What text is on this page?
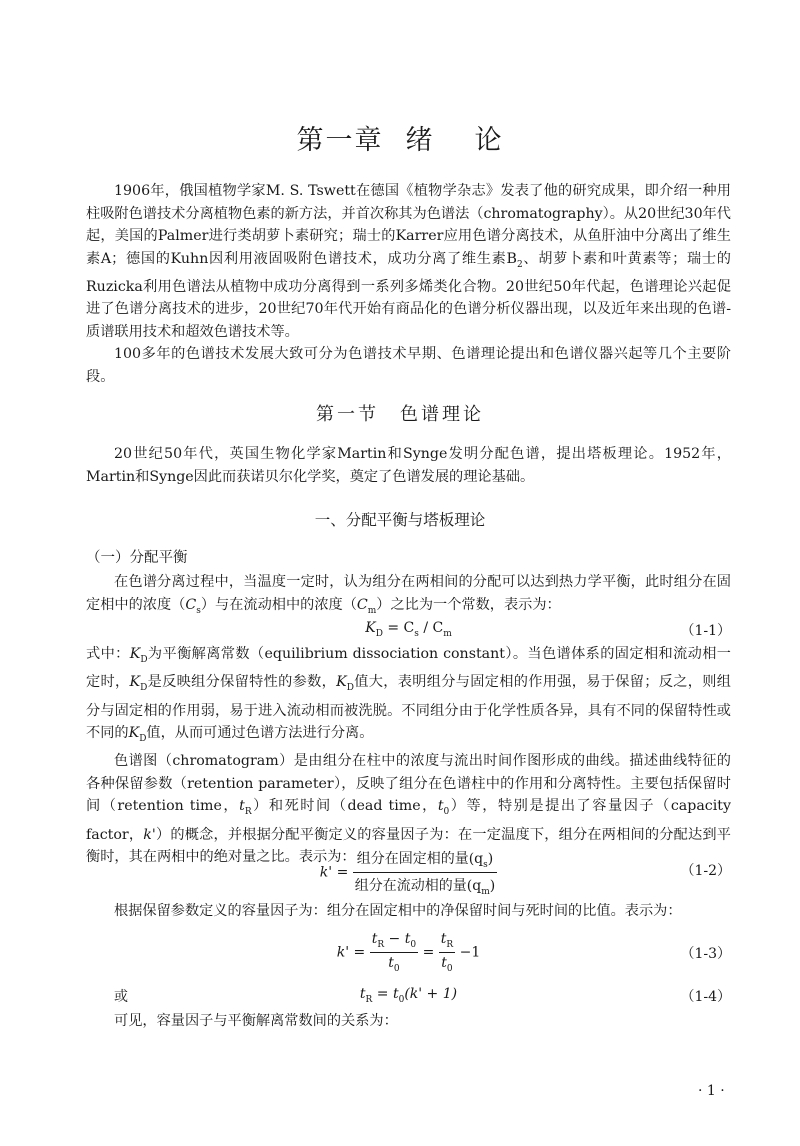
第一章 绪 论

1906年，俄国植物学家M. S. Tswett在德国《植物学杂志》发表了他的研究成果，即介绍一种用柱吸附色谱技术分离植物色素的新方法，并首次称其为色谱法（chromatography）。从20世纪30年代起，美国的Palmer进行类胡萝卜素研究；瑞士的Karrer应用色谱分离技术，从鱼肝油中分离出了维生素A；德国的Kuhn因利用液固吸附色谱技术，成功分离了维生素$B_2$、胡萝卜素和叶黄素等；瑞士的Ruzicka利用色谱法从植物中成功分离得到一系列多烯类化合物。20世纪50年代起，色谱理论兴起促进了色谱分离技术的进步，20世纪70年代开始有商品化的色谱分析仪器出现，以及近年来出现的色谱-质谱联用技术和超效色谱技术等。

100多年的色谱技术发展大致可分为色谱技术早期、色谱理论提出和色谱仪器兴起等几个主要阶段。

第一节　色谱理论

20世纪50年代，英国生物化学家Martin和Synge发明分配色谱，提出塔板理论。1952年，Martin和Synge因此而获诺贝尔化学奖，奠定了色谱发展的理论基础。

一、分配平衡与塔板理论
（一）分配平衡

在色谱分离过程中，当温度一定时，认为组分在两相间的分配可以达到热力学平衡，此时组分在固定相中的浓度$(C_s)$与在流动相中的浓度$(C_m)$之比为一个常数，表示为：

$K_D = C_s / C_m$	（1-1）

式中：$K_D$为平衡解离常数（equilibrium dissociation constant）。当色谱体系的固定相和流动相一定时，$K_D$是反映组分保留特性的参数，$K_D$值大，表明组分与固定相的作用强，易于保留；反之，则组分与固定相的作用弱，易于进入流动相而被洗脱。不同组分由于化学性质各异，具有不同的保留特性或不同的$K_D$值，从而可通过色谱方法进行分离。

色谱图（chromatogram）是由组分在柱中的浓度与流出时间作图形成的曲线。描述曲线特征的各种保留参数（retention parameter），反映了组分在色谱柱中的作用和分离特性。主要包括保留时间（retention time，$t_R$）和死时间（dead time，$t_0$）等，特别是提出了容量因子（capacity factor，k'）的概念，并根据分配平衡定义的容量因子为：在一定温度下，组分在两相间的分配达到平衡时，其在两相中的绝对量之比。表示为：

$k' = \frac{组分在固定相的量(q_s)}{组分在流动相的量(q_m)}$	（1-2）

根据保留参数定义的容量因子为：组分在固定相中的净保留时间与死时间的比值。表示为：

$k' = \frac{t_R - t_0}{t_0} = \frac{t_R}{t_0} -1$	（1-3）
或	$t_R = t_0(k' + 1)$	（1-4）

可见，容量因子与平衡解离常数间的关系为：

· 1 ·
